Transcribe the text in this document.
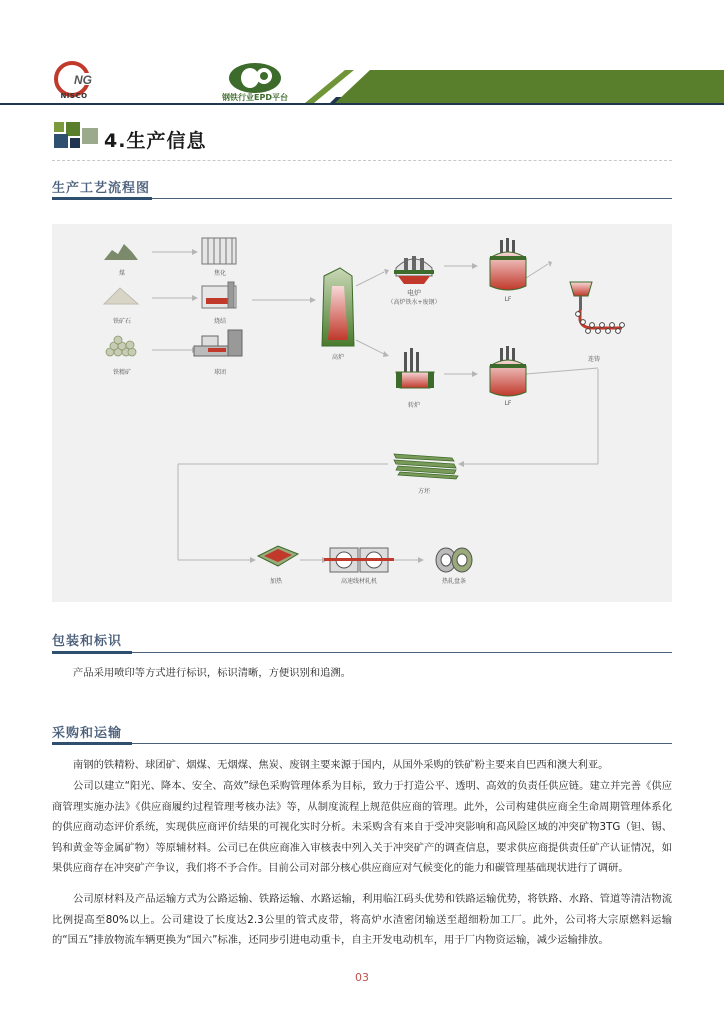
NG
NISCO	钢铁行业EPD平台
4.生产信息
生产工艺流程图
煤
铁矿石
铁精矿
焦化
烧结
球团
高炉
电炉
（高炉铁水+废钢）
转炉
LF
LF
连铸
方坯
加热	高速线材轧机	热轧盘条
包装和标识
产品采用喷印等方式进行标识，标识清晰，方便识别和追溯。
采购和运输
南钢的铁精粉、球团矿、烟煤、无烟煤、焦炭、废钢主要来源于国内，从国外采购的铁矿粉主要来自巴西和澳大利亚。
公司以建立“阳光、降本、安全、高效”绿色采购管理体系为目标，致力于打造公平、透明、高效的负责任供应链。建立并完善《供应商管理实施办法》《供应商履约过程管理考核办法》等，从制度流程上规范供应商的管理。此外，公司构建供应商全生命周期管理体系化的供应商动态评价系统，实现供应商评价结果的可视化实时分析。未采购含有来自于受冲突影响和高风险区域的冲突矿物3TG（钽、锡、钨和黄金等金属矿物）等原辅材料。公司已在供应商准入审核表中列入关于冲突矿产的调查信息，要求供应商提供责任矿产认证情况，如果供应商存在冲突矿产争议，我们将不予合作。目前公司对部分核心供应商应对气候变化的能力和碳管理基础现状进行了调研。
公司原材料及产品运输方式为公路运输、铁路运输、水路运输，利用临江码头优势和铁路运输优势，将铁路、水路、管道等清洁物流比例提高至80%以上。公司建设了长度达2.3公里的管式皮带，将高炉水渣密闭输送至超细粉加工厂。此外，公司将大宗原燃料运输的“国五”排放物流车辆更换为“国六”标准，还同步引进电动重卡，自主开发电动机车，用于厂内物资运输，减少运输排放。
03
